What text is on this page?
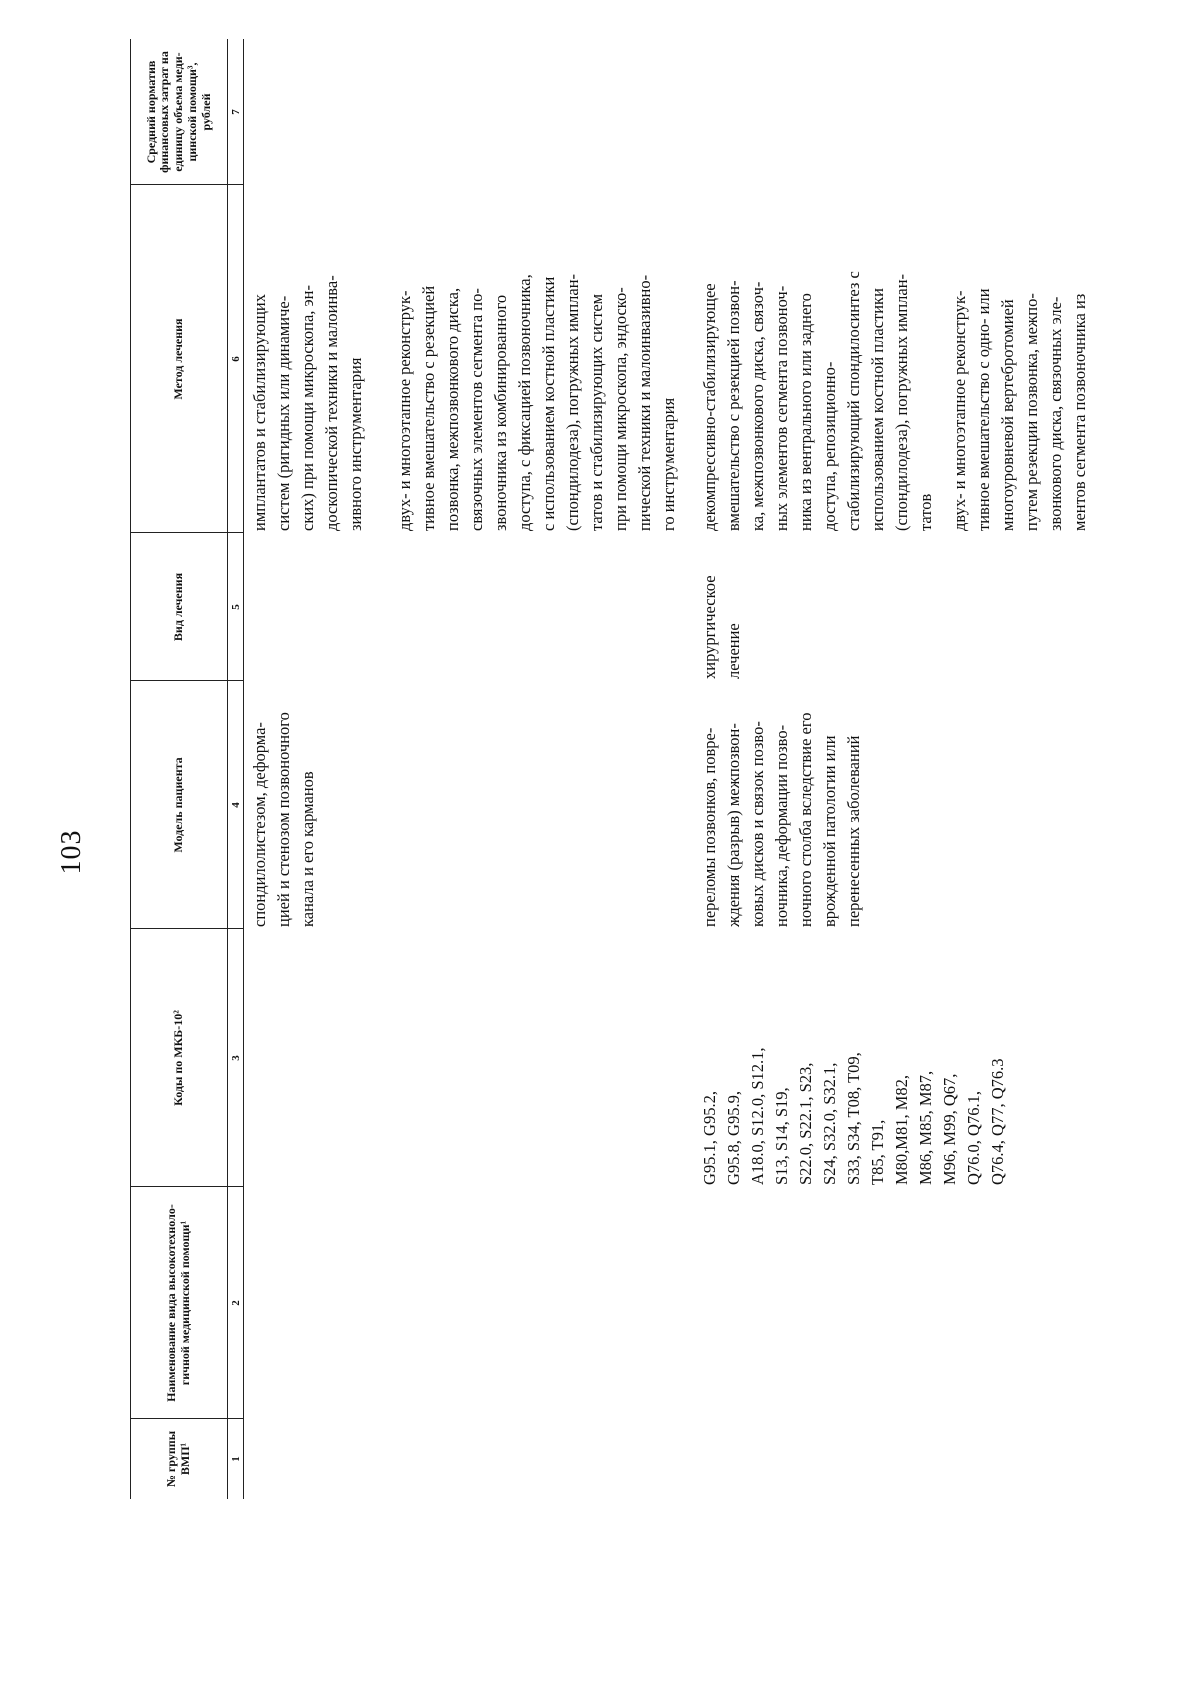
103
№ группы ВМП¹
Наименование вида высокотехноло-гичной медицинской помощи¹
Коды по МКБ-10²
Модель пациента
Вид лечения
Метод лечения
Средний норматив финансовых затрат на единицу объема меди-цинской помощи³, рублей
1
2
3
4
5
6
7
спондилолистезом, деформа-
цией и стенозом позвоночного
канала и его карманов
имплантатов и стабилизирующих
систем (ригидных или динамиче-
ских) при помощи микроскопа, эн-
доскопической техники и малоинва-
зивного инструментария
двух- и многоэтапное реконструк-
тивное вмешательство с резекцией
позвонка, межпозвонкового диска,
связочных элементов сегмента по-
звоночника из комбинированного
доступа, с фиксацией позвоночника,
с использованием костной пластики
(спондилодеза), погружных имплан-
татов и стабилизирующих систем
при помощи микроскопа, эндоско-
пической техники и малоинвазивно-
го инструментария
G95.1, G95.2,
G95.8, G95.9,
A18.0, S12.0, S12.1,
S13, S14, S19,
S22.0, S22.1, S23,
S24, S32.0, S32.1,
S33, S34, T08, T09,
T85, T91,
M80,M81, M82,
M86, M85, M87,
M96, M99, Q67,
Q76.0, Q76.1,
Q76.4, Q77, Q76.3
переломы позвонков, повре-
ждения (разрыв) межпозвон-
ковых дисков и связок позво-
ночника, деформации позво-
ночного столба вследствие его
врожденной патологии или
перенесенных заболеваний
хирургическое
лечение
декомпрессивно-стабилизирующее
вмешательство с резекцией позвон-
ка, межпозвонкового диска, связоч-
ных элементов сегмента позвоноч-
ника из вентрального или заднего
доступа, репозиционно-
стабилизирующий спондилосинтез с
использованием костной пластики
(спондилодеза), погружных имплан-
татов двух- и многоэтапное реконструк-
тивное вмешательство с одно- или
многоуровневой вертебротомией
путем резекции позвонка, межпо-
звонкового диска, связочных эле-
ментов сегмента позвоночника из
